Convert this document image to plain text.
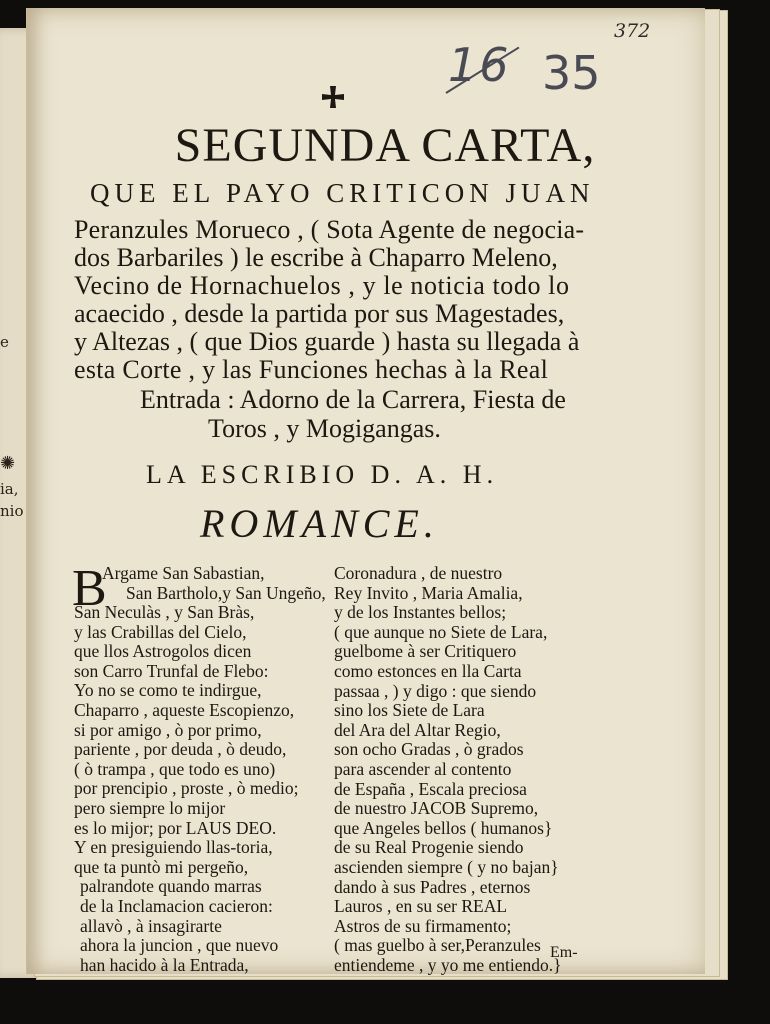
e
✺
ia,
nio
372
16 35
SEGUNDA CARTA,
QUE EL PAYO CRITICON JUAN
Peranzules Morueco , ( Sota Agente de negocia-
dos Barbariles ) le escribe à Chaparro Meleno,
Vecino de Hornachuelos , y le noticia todo lo
acaecido , desde la partida por sus Magestades,
y Altezas , ( que Dios guarde ) hasta su llegada à
esta Corte , y las Funciones hechas à la Real
Entrada : Adorno de la Carrera, Fiesta de
Toros , y Mogigangas.
LA ESCRIBIO D. A. H.
ROMANCE.
B
Argame San Sabastian,
San Bartholo,y San Ungeño,
San Neculàs , y San Bràs,
y las Crabillas del Cielo,
que llos Astrogolos dicen
son Carro Trunfal de Flebo:
Yo no se como te indirgue,
Chaparro , aqueste Escopienzo,
si por amigo , ò por primo,
pariente , por deuda , ò deudo,
( ò trampa , que todo es uno)
por prencipio , proste , ò medio;
pero siempre lo mijor
es lo mijor; por LAUS DEO.
Y en presiguiendo llas-toria,
que ta puntò mi pergeño,
palrandote quando marras
de la Inclamacion cacieron:
allavò , à insagirarte
ahora la juncion , que nuevo
han hacido à la Entrada,
Coronadura , de nuestro
Rey Invito , Maria Amalia,
y de los Instantes bellos;
( que aunque no Siete de Lara,
guelbome à ser Critiquero
como estonces en lla Carta
passaa , ) y digo : que siendo
sino los Siete de Lara
del Ara del Altar Regio,
son ocho Gradas , ò grados
para ascender al contento
de España , Escala preciosa
de nuestro JACOB Supremo,
que Angeles bellos ( humanos}
de su Real Progenie siendo
ascienden siempre ( y no bajan}
dando à sus Padres , eternos
Lauros , en su ser REAL
Astros de su firmamento;
( mas guelbo à ser,Peranzules
entiendeme , y yo me entiendo.}
Em-
